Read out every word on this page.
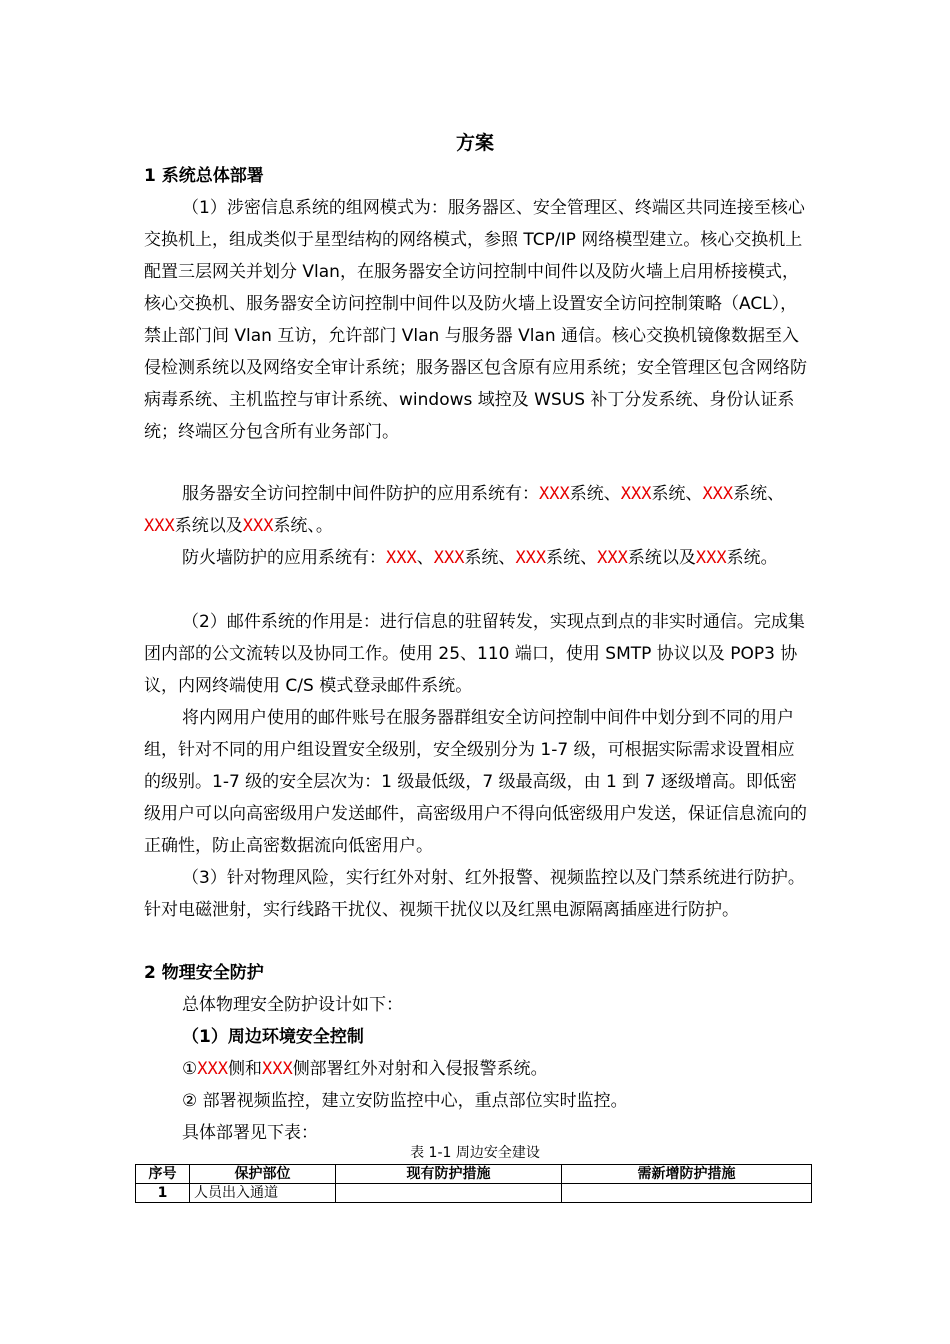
方案
1 系统总体部署

（1）涉密信息系统的组网模式为：服务器区、安全管理区、终端区共同连接至核心交换机上，组成类似于星型结构的网络模式，参照 TCP/IP 网络模型建立。核心交换机上配置三层网关并划分 Vlan，在服务器安全访问控制中间件以及防火墙上启用桥接模式，核心交换机、服务器安全访问控制中间件以及防火墙上设置安全访问控制策略（ACL），禁止部门间 Vlan 互访，允许部门 Vlan 与服务器 Vlan 通信。核心交换机镜像数据至入侵检测系统以及网络安全审计系统；服务器区包含原有应用系统；安全管理区包含网络防病毒系统、主机监控与审计系统、windows 域控及 WSUS 补丁分发系统、身份认证系统；终端区分包含所有业务部门。

服务器安全访问控制中间件防护的应用系统有：XXX系统、XXX系统、XXX系统、XXX系统以及XXX系统、。

防火墙防护的应用系统有：XXX、XXX系统、XXX系统、XXX系统以及XXX系统。

（2）邮件系统的作用是：进行信息的驻留转发，实现点到点的非实时通信。完成集团内部的公文流转以及协同工作。使用 25、110 端口，使用 SMTP 协议以及 POP3 协议，内网终端使用 C/S 模式登录邮件系统。

将内网用户使用的邮件账号在服务器群组安全访问控制中间件中划分到不同的用户组，针对不同的用户组设置安全级别，安全级别分为 1-7 级，可根据实际需求设置相应的级别。1-7 级的安全层次为：1 级最低级，7 级最高级，由 1 到 7 逐级增高。即低密级用户可以向高密级用户发送邮件，高密级用户不得向低密级用户发送，保证信息流向的正确性，防止高密数据流向低密用户。

（3）针对物理风险，实行红外对射、红外报警、视频监控以及门禁系统进行防护。针对电磁泄射，实行线路干扰仪、视频干扰仪以及红黑电源隔离插座进行防护。

2 物理安全防护
总体物理安全防护设计如下：
（1）周边环境安全控制
①XXX侧和XXX侧部署红外对射和入侵报警系统。
② 部署视频监控，建立安防监控中心，重点部位实时监控。
具体部署见下表：
表 1-1 周边安全建设
序号	保护部位	现有防护措施	需新增防护措施
1	人员出入通道		
